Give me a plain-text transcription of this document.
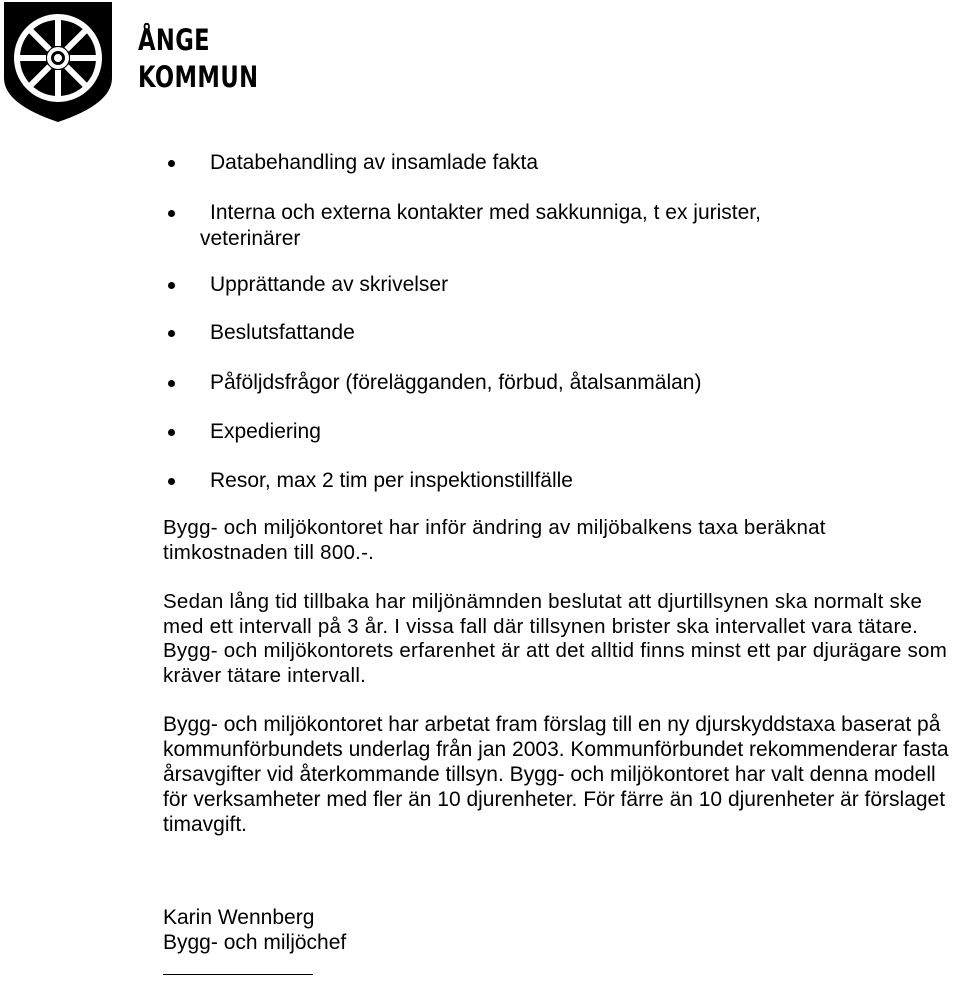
ÅNGE
KOMMUN
Databehandling av insamlade fakta
Interna och externa kontakter med sakkunniga, t ex jurister,
veterinärer
Upprättande av skrivelser
Beslutsfattande
Påföljdsfrågor (förelägganden, förbud, åtalsanmälan)
Expediering
Resor, max 2 tim per inspektionstillfälle

Bygg- och miljökontoret har inför ändring av miljöbalkens taxa beräknat timkostnaden till 800.-.

Sedan lång tid tillbaka har miljönämnden beslutat att djurtillsynen ska normalt ske med ett intervall på 3 år. I vissa fall där tillsynen brister ska intervallet vara tätare. Bygg- och miljökontorets erfarenhet är att det alltid finns minst ett par djurägare som kräver tätare intervall.

Bygg- och miljökontoret har arbetat fram förslag till en ny djurskyddstaxa baserat på kommunförbundets underlag från jan 2003. Kommunförbundet rekommenderar fasta årsavgifter vid återkommande tillsyn. Bygg- och miljökontoret har valt denna modell för verksamheter med fler än 10 djurenheter. För färre än 10 djurenheter är förslaget timavgift.

Karin Wennberg
Bygg- och miljöchef
